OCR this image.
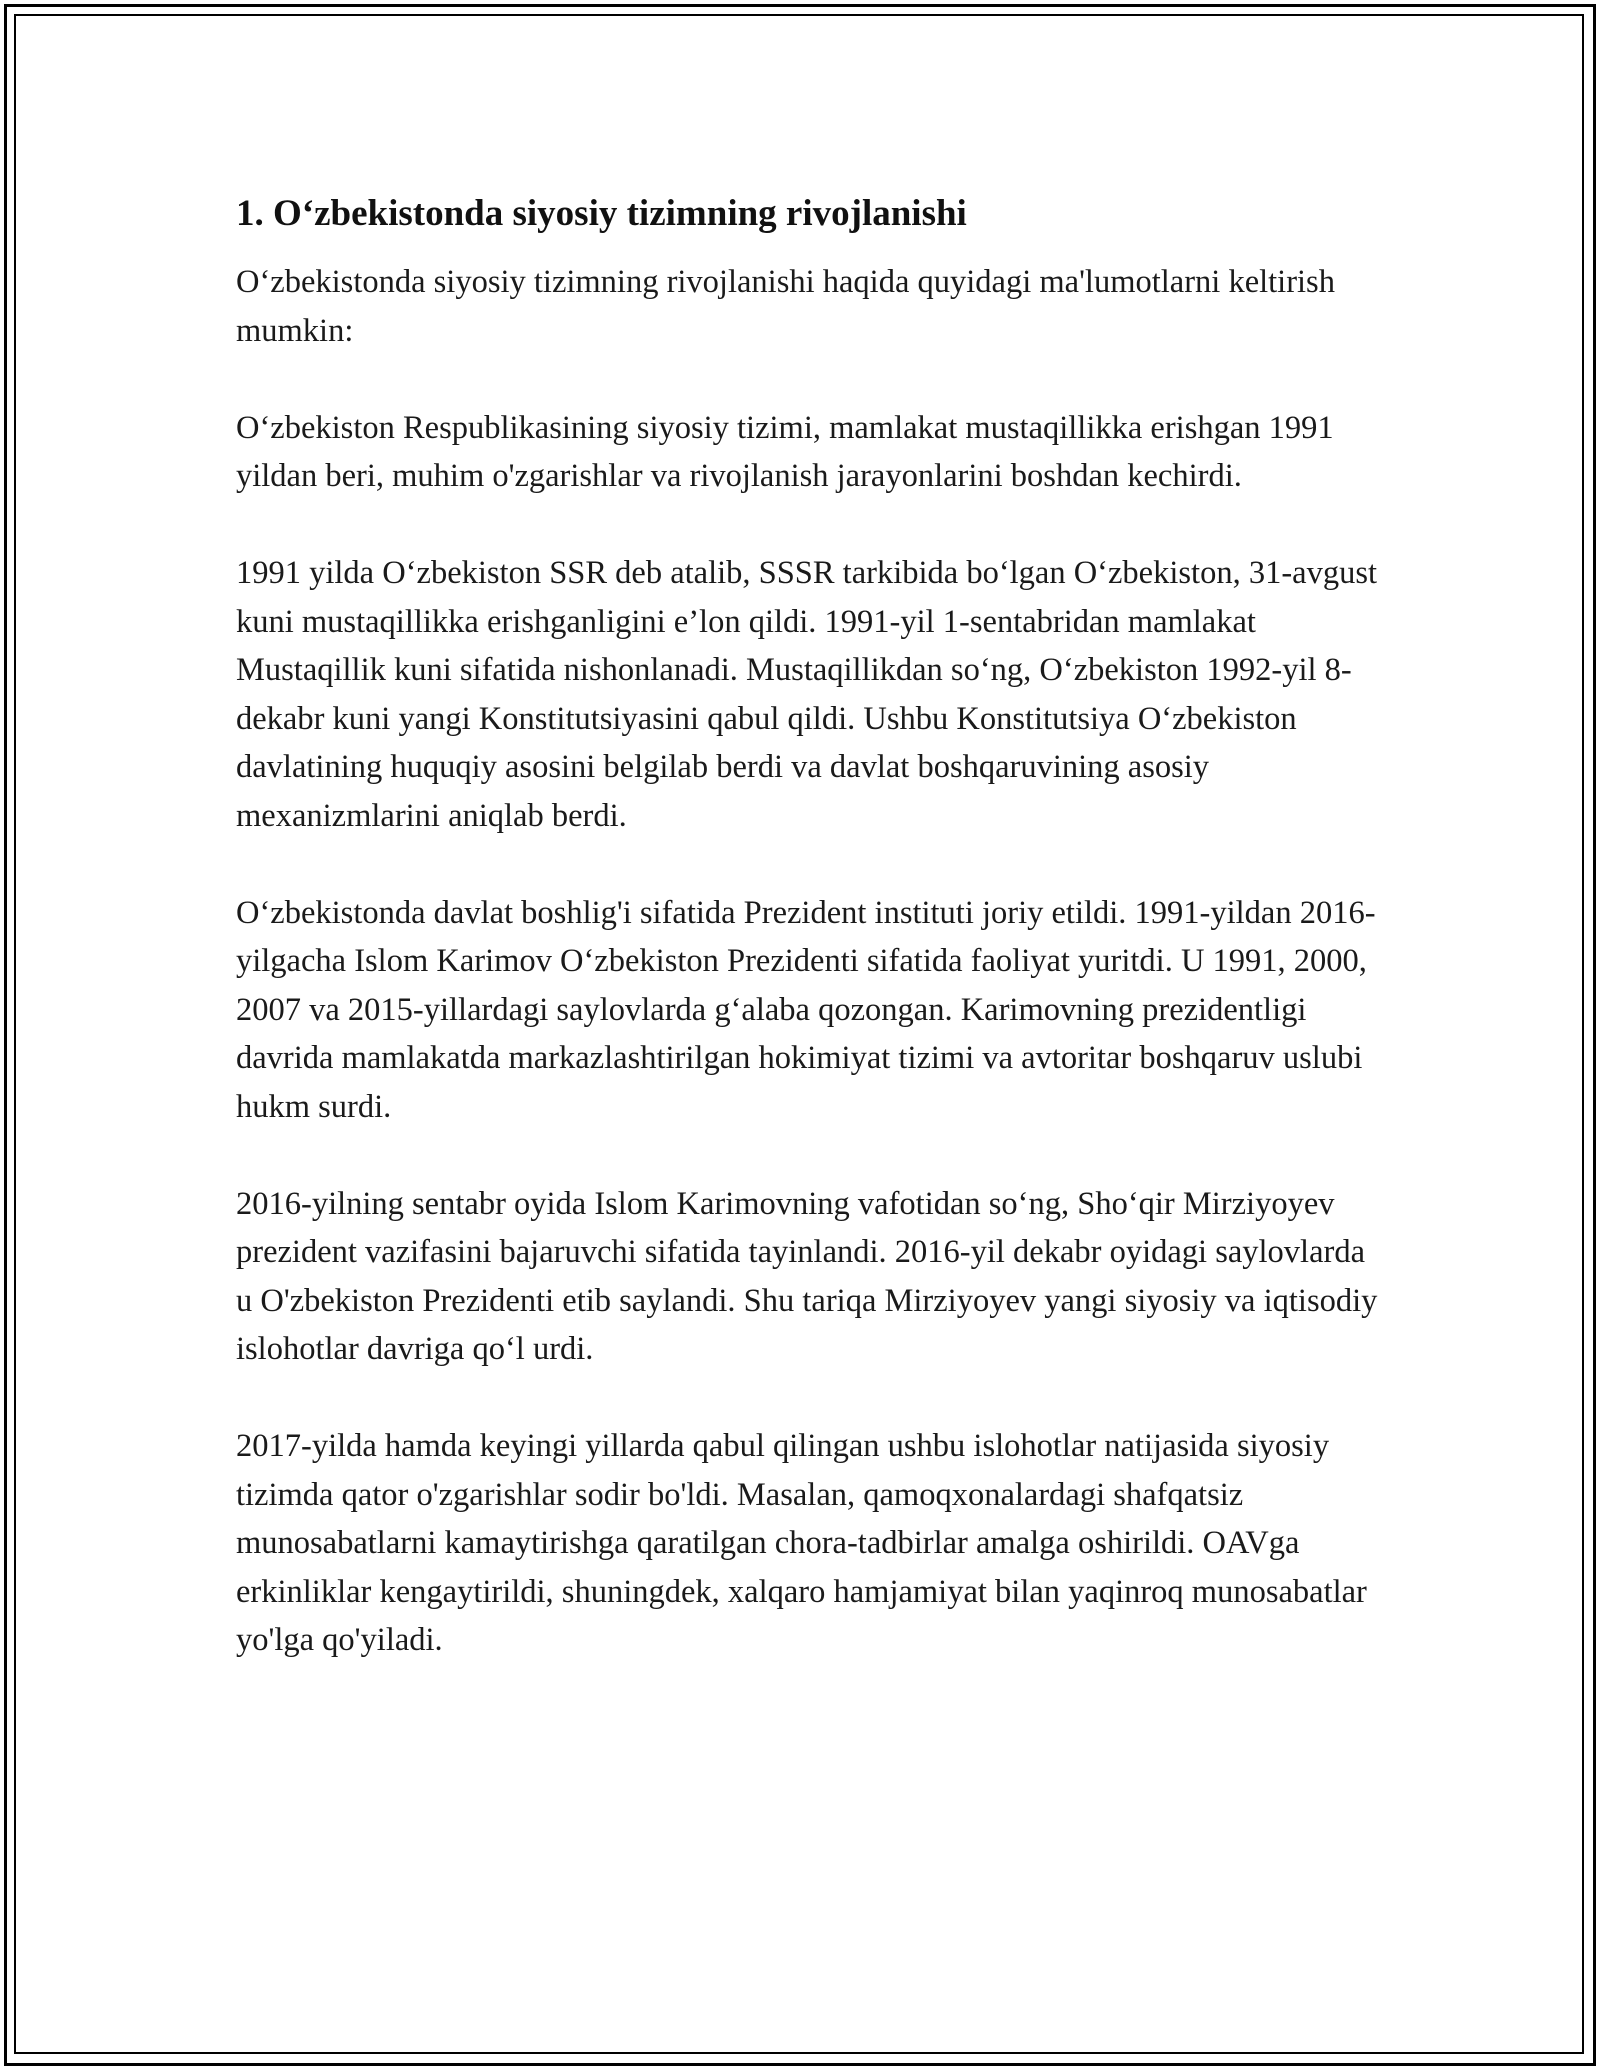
1. O‘zbekistonda siyosiy tizimning rivojlanishi

O‘zbekistonda siyosiy tizimning rivojlanishi haqida quyidagi ma'lumotlarni keltirish mumkin:

O‘zbekiston Respublikasining siyosiy tizimi, mamlakat mustaqillikka erishgan 1991 yildan beri, muhim o'zgarishlar va rivojlanish jarayonlarini boshdan kechirdi.

1991 yilda O‘zbekiston SSR deb atalib, SSSR tarkibida bo‘lgan O‘zbekiston, 31-avgust kuni mustaqillikka erishganligini e’lon qildi. 1991-yil 1-sentabridan mamlakat Mustaqillik kuni sifatida nishonlanadi. Mustaqillikdan so‘ng, O‘zbekiston 1992-yil 8-dekabr kuni yangi Konstitutsiyasini qabul qildi. Ushbu Konstitutsiya O‘zbekiston davlatining huquqiy asosini belgilab berdi va davlat boshqaruvining asosiy mexanizmlarini aniqlab berdi.

O‘zbekistonda davlat boshlig'i sifatida Prezident instituti joriy etildi. 1991-yildan 2016-yilgacha Islom Karimov O‘zbekiston Prezidenti sifatida faoliyat yuritdi. U 1991, 2000, 2007 va 2015-yillardagi saylovlarda g‘alaba qozongan. Karimovning prezidentligi davrida mamlakatda markazlashtirilgan hokimiyat tizimi va avtoritar boshqaruv uslubi hukm surdi.

2016-yilning sentabr oyida Islom Karimovning vafotidan so‘ng, Sho‘qir Mirziyoyev prezident vazifasini bajaruvchi sifatida tayinlandi. 2016-yil dekabr oyidagi saylovlarda u O'zbekiston Prezidenti etib saylandi. Shu tariqa Mirziyoyev yangi siyosiy va iqtisodiy islohotlar davriga qo‘l urdi.

2017-yilda hamda keyingi yillarda qabul qilingan ushbu islohotlar natijasida siyosiy tizimda qator o'zgarishlar sodir bo'ldi. Masalan, qamoqxonalardagi shafqatsiz munosabatlarni kamaytirishga qaratilgan chora-tadbirlar amalga oshirildi. OAVga erkinliklar kengaytirildi, shuningdek, xalqaro hamjamiyat bilan yaqinroq munosabatlar yo'lga qo'yiladi.
